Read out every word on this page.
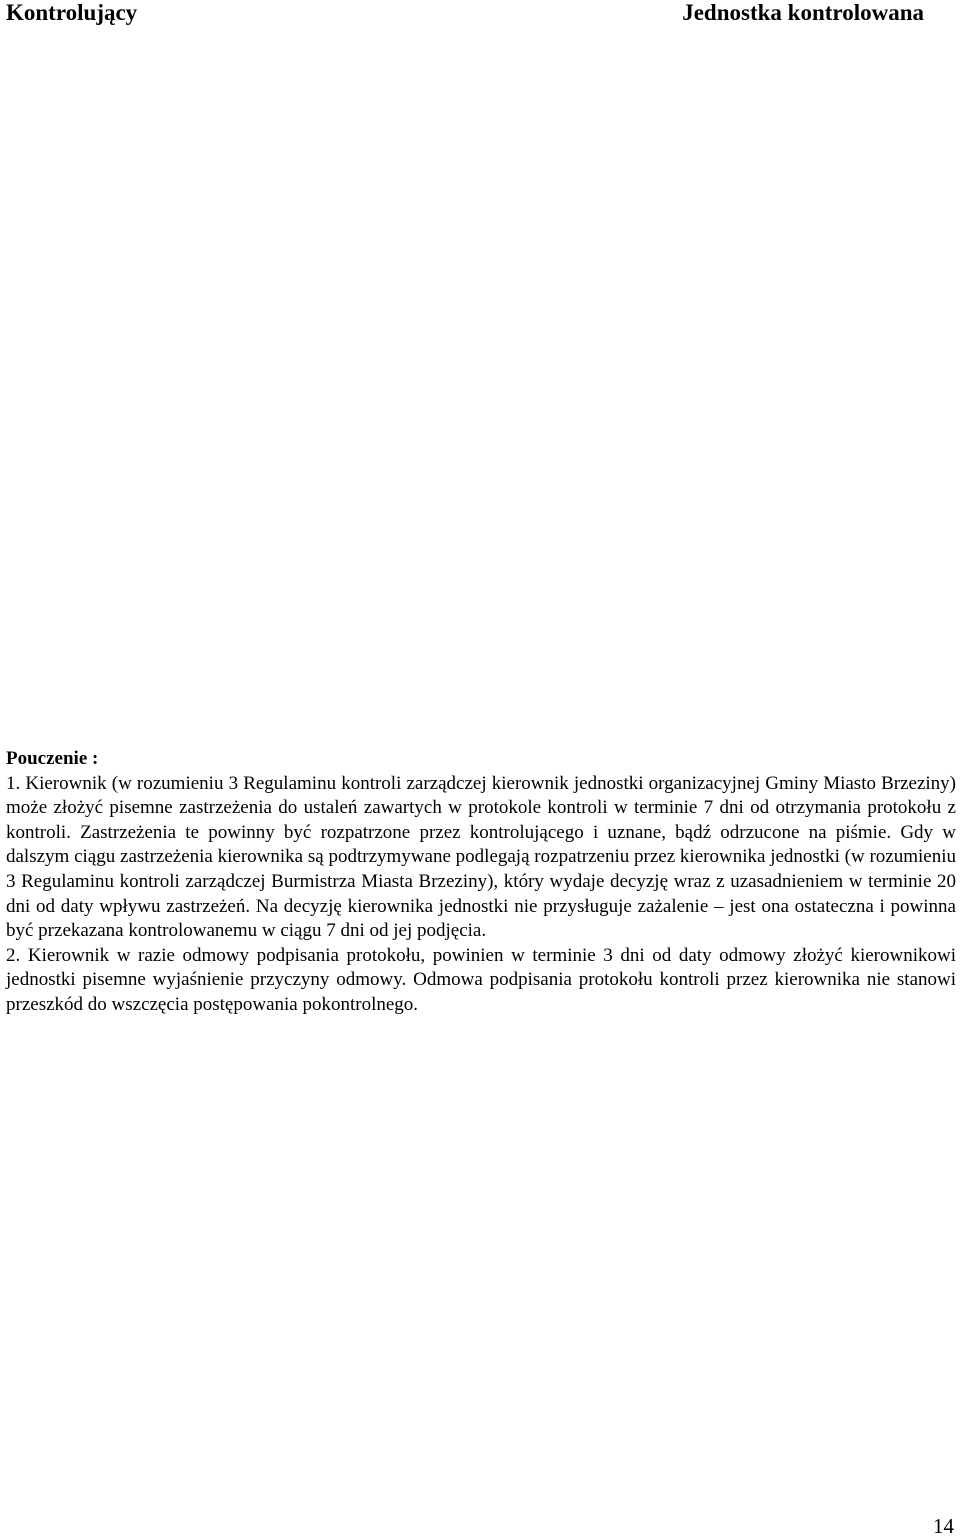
Kontrolujący	Jednostka kontrolowana

Pouczenie :

1. Kierownik (w rozumieniu 3 Regulaminu kontroli zarządczej kierownik jednostki organizacyjnej Gminy Miasto Brzeziny) może złożyć pisemne zastrzeżenia do ustaleń zawartych w protokole kontroli w terminie 7 dni od otrzymania protokołu z kontroli. Zastrzeżenia te powinny być rozpatrzone przez kontrolującego i uznane, bądź odrzucone na piśmie. Gdy w dalszym ciągu zastrzeżenia kierownika są podtrzymywane podlegają rozpatrzeniu przez kierownika jednostki (w rozumieniu 3 Regulaminu kontroli zarządczej Burmistrza Miasta Brzeziny), który wydaje decyzję wraz z uzasadnieniem w terminie 20 dni od daty wpływu zastrzeżeń. Na decyzję kierownika jednostki nie przysługuje zażalenie – jest ona ostateczna i powinna być przekazana kontrolowanemu w ciągu 7 dni od jej podjęcia.

2. Kierownik w razie odmowy podpisania protokołu, powinien w terminie 3 dni od daty odmowy złożyć kierownikowi jednostki pisemne wyjaśnienie przyczyny odmowy. Odmowa podpisania protokołu kontroli przez kierownika nie stanowi przeszkód do wszczęcia postępowania pokontrolnego.

14
